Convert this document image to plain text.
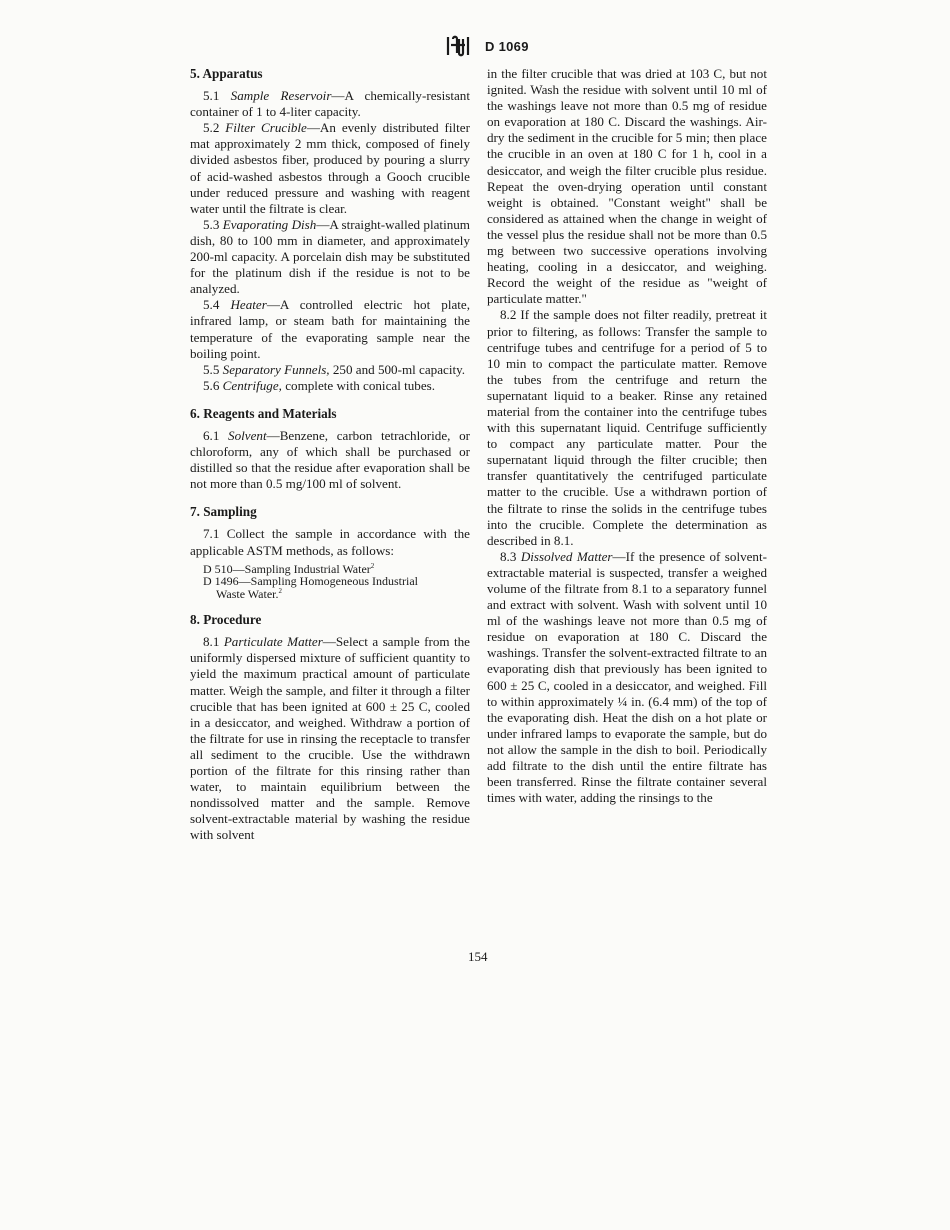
D 1069

5. Apparatus

5.1 Sample Reservoir—A chemically-resistant container of 1 to 4-liter capacity.

5.2 Filter Crucible—An evenly distributed filter mat approximately 2 mm thick, composed of finely divided asbestos fiber, produced by pouring a slurry of acid-washed asbestos through a Gooch crucible under reduced pressure and washing with reagent water until the filtrate is clear.

5.3 Evaporating Dish—A straight-walled platinum dish, 80 to 100 mm in diameter, and approximately 200-ml capacity. A porcelain dish may be substituted for the platinum dish if the residue is not to be analyzed.

5.4 Heater—A controlled electric hot plate, infrared lamp, or steam bath for maintaining the temperature of the evaporating sample near the boiling point.

5.5 Separatory Funnels, 250 and 500-ml capacity.

5.6 Centrifuge, complete with conical tubes.

6. Reagents and Materials

6.1 Solvent—Benzene, carbon tetrachloride, or chloroform, any of which shall be purchased or distilled so that the residue after evaporation shall be not more than 0.5 mg/100 ml of solvent.

7. Sampling

7.1 Collect the sample in accordance with the applicable ASTM methods, as follows:

D 510—Sampling Industrial Water$^2$
D 1496—Sampling Homogeneous Industrial
Waste Water.$^2$

8. Procedure

8.1 Particulate Matter—Select a sample from the uniformly dispersed mixture of sufficient quantity to yield the maximum practical amount of particulate matter. Weigh the sample, and filter it through a filter crucible that has been ignited at 600 ± 25 C, cooled in a desiccator, and weighed. Withdraw a portion of the filtrate for use in rinsing the receptacle to transfer all sediment to the crucible. Use the withdrawn portion of the filtrate for this rinsing rather than water, to maintain equilibrium between the nondissolved matter and the sample. Remove solvent-extractable material by washing the residue with solvent

in the filter crucible that was dried at 103 C, but not ignited. Wash the residue with solvent until 10 ml of the washings leave not more than 0.5 mg of residue on evaporation at 180 C. Discard the washings. Air-dry the sediment in the crucible for 5 min; then place the crucible in an oven at 180 C for 1 h, cool in a desiccator, and weigh the filter crucible plus residue. Repeat the oven-drying operation until constant weight is obtained. "Constant weight" shall be considered as attained when the change in weight of the vessel plus the residue shall not be more than 0.5 mg between two successive operations involving heating, cooling in a desiccator, and weighing. Record the weight of the residue as "weight of particulate matter."

8.2 If the sample does not filter readily, pretreat it prior to filtering, as follows: Transfer the sample to centrifuge tubes and centrifuge for a period of 5 to 10 min to compact the particulate matter. Remove the tubes from the centrifuge and return the supernatant liquid to a beaker. Rinse any retained material from the container into the centrifuge tubes with this supernatant liquid. Centrifuge sufficiently to compact any particulate matter. Pour the supernatant liquid through the filter crucible; then transfer quantitatively the centrifuged particulate matter to the crucible. Use a withdrawn portion of the filtrate to rinse the solids in the centrifuge tubes into the crucible. Complete the determination as described in 8.1.

8.3 Dissolved Matter—If the presence of solvent-extractable material is suspected, transfer a weighed volume of the filtrate from 8.1 to a separatory funnel and extract with solvent. Wash with solvent until 10 ml of the washings leave not more than 0.5 mg of residue on evaporation at 180 C. Discard the washings. Transfer the solvent-extracted filtrate to an evaporating dish that previously has been ignited to 600 ± 25 C, cooled in a desiccator, and weighed. Fill to within approximately ¼ in. (6.4 mm) of the top of the evaporating dish. Heat the dish on a hot plate or under infrared lamps to evaporate the sample, but do not allow the sample in the dish to boil. Periodically add filtrate to the dish until the entire filtrate has been transferred. Rinse the filtrate container several times with water, adding the rinsings to the

154
